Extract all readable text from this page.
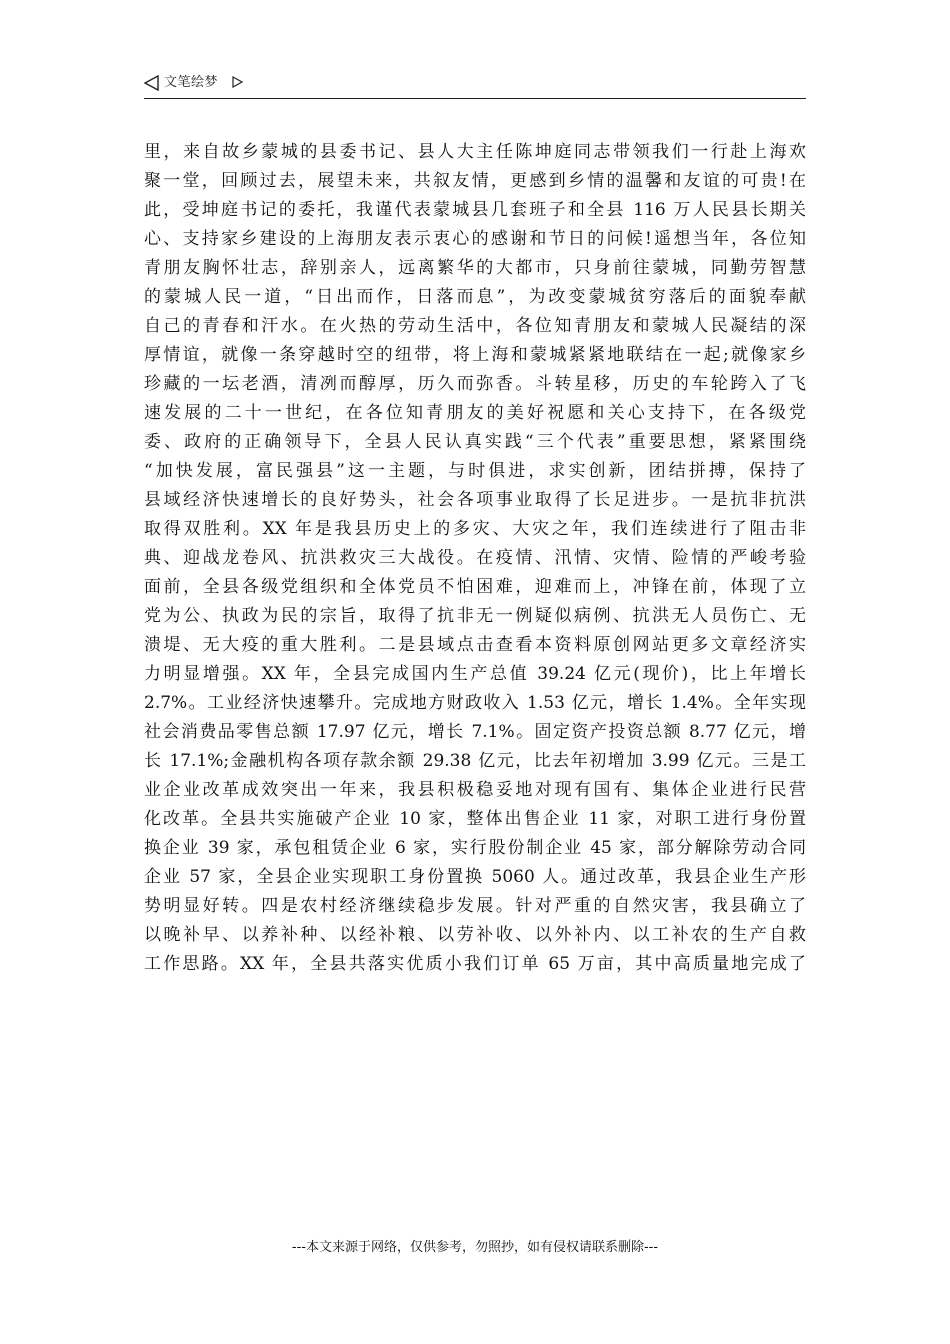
文笔绘梦
里，来自故乡蒙城的县委书记、县人大主任陈坤庭同志带领我们一行赴上海欢
聚一堂，回顾过去，展望未来，共叙友情，更感到乡情的温馨和友谊的可贵!在
此，受坤庭书记的委托，我谨代表蒙城县几套班子和全县 116 万人民县长期关
心、支持家乡建设的上海朋友表示衷心的感谢和节日的问候!遥想当年，各位知
青朋友胸怀壮志，辞别亲人，远离繁华的大都市，只身前往蒙城，同勤劳智慧
的蒙城人民一道，“日出而作，日落而息”，为改变蒙城贫穷落后的面貌奉献
自己的青春和汗水。在火热的劳动生活中，各位知青朋友和蒙城人民凝结的深
厚情谊，就像一条穿越时空的纽带，将上海和蒙城紧紧地联结在一起;就像家乡
珍藏的一坛老酒，清冽而醇厚，历久而弥香。斗转星移，历史的车轮跨入了飞
速发展的二十一世纪，在各位知青朋友的美好祝愿和关心支持下，在各级党
委、政府的正确领导下，全县人民认真实践“三个代表”重要思想，紧紧围绕
“加快发展，富民强县”这一主题，与时俱进，求实创新，团结拼搏，保持了
县域经济快速增长的良好势头，社会各项事业取得了长足进步。一是抗非抗洪
取得双胜利。XX 年是我县历史上的多灾、大灾之年，我们连续进行了阻击非
典、迎战龙卷风、抗洪救灾三大战役。在疫情、汛情、灾情、险情的严峻考验
面前，全县各级党组织和全体党员不怕困难，迎难而上，冲锋在前，体现了立
党为公、执政为民的宗旨，取得了抗非无一例疑似病例、抗洪无人员伤亡、无
溃堤、无大疫的重大胜利。二是县域点击查看本资料原创网站更多文章经济实
力明显增强。XX 年，全县完成国内生产总值 39.24 亿元(现价)，比上年增长
2.7%。工业经济快速攀升。完成地方财政收入 1.53 亿元，增长 1.4%。全年实现
社会消费品零售总额 17.97 亿元，增长 7.1%。固定资产投资总额 8.77 亿元，增
长 17.1%;金融机构各项存款余额 29.38 亿元，比去年初增加 3.99 亿元。三是工
业企业改革成效突出一年来，我县积极稳妥地对现有国有、集体企业进行民营
化改革。全县共实施破产企业 10 家，整体出售企业 11 家，对职工进行身份置
换企业 39 家，承包租赁企业 6 家，实行股份制企业 45 家，部分解除劳动合同
企业 57 家，全县企业实现职工身份置换 5060 人。通过改革，我县企业生产形
势明显好转。四是农村经济继续稳步发展。针对严重的自然灾害，我县确立了
以晚补早、以养补种、以经补粮、以劳补收、以外补内、以工补农的生产自救
工作思路。XX 年，全县共落实优质小我们订单 65 万亩，其中高质量地完成了
---本文来源于网络，仅供参考，勿照抄，如有侵权请联系删除---
